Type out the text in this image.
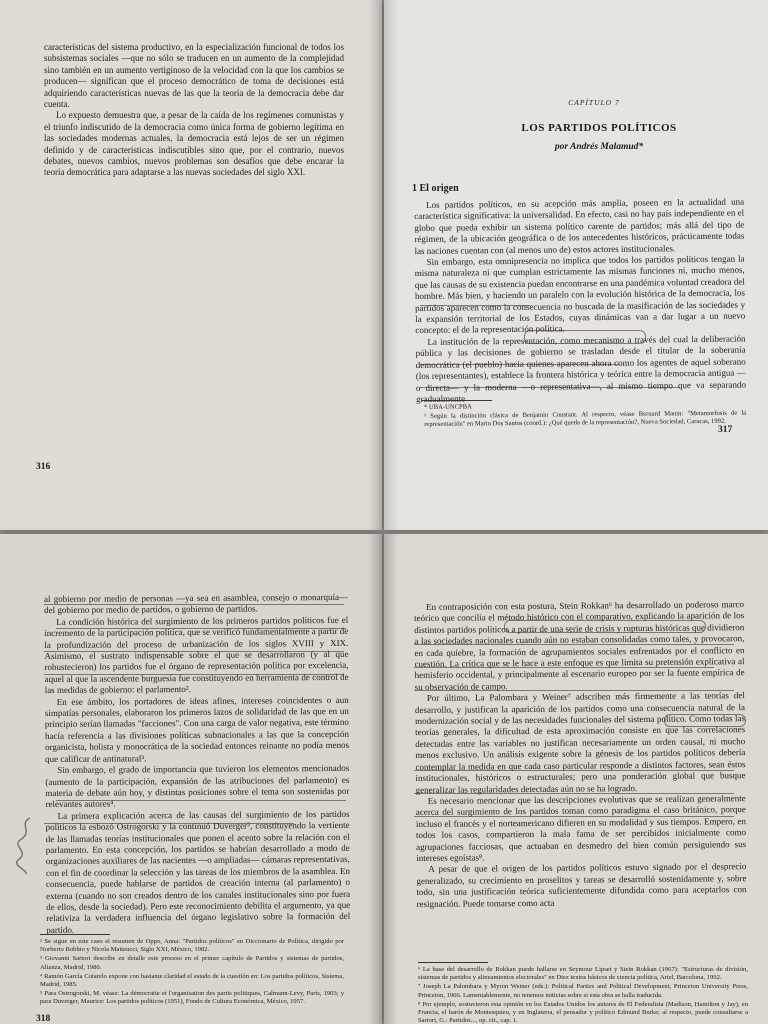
características del sistema productivo, en la especialización funcional de todos los subsistemas sociales —que no sólo se traducen en un aumento de la complejidad sino también en un aumento vertiginoso de la velocidad con la que los cambios se producen— significan que el proceso democrático de toma de decisiones está adquiriendo características nuevas de las que la teoría de la democracia debe dar cuenta.

Lo expuesto demuestra que, a pesar de la caída de los regímenes comunistas y el triunfo indiscutido de la democracia como única forma de gobierno legítima en las sociedades modernas actuales, la democracia está lejos de ser un régimen definido y de características indiscutibles sino que, por el contrario, nuevos debates, nuevos cambios, nuevos problemas son desafíos que debe encarar la teoría democrática para adaptarse a las nuevas sociedades del siglo XXI.

316
CAPÍTULO 7
LOS PARTIDOS POLÍTICOS
por Andrés Malamud*
1 El origen

Los partidos políticos, en su acepción más amplia, poseen en la actualidad una característica significativa: la universalidad. En efecto, casi no hay país independiente en el globo que pueda exhibir un sistema político carente de partidos; más allá del tipo de régimen, de la ubicación geográfica o de los antecedentes históricos, prácticamente todas las naciones cuentan con (al menos uno de) estos actores institucionales.

Sin embargo, esta omnipresencia no implica que todos los partidos políticos tengan la misma naturaleza ni que cumplan estrictamente las mismas funciones ni, mucho menos, que las causas de su existencia puedan encontrarse en una pandémica voluntad creadora del hombre. Más bien, y haciendo un paralelo con la evolución histórica de la democracia, los partidos aparecen como la consecuencia no buscada de la masificación de las sociedades y la expansión territorial de los Estados, cuyas dinámicas van a dar lugar a un nuevo concepto: el de la representación política.

La institución de la representación, como mecanismo a través del cual la deliberación pública y las decisiones de gobierno se trasladan desde el titular de la soberanía democrática (el pueblo) hacia quienes aparecen ahora como los agentes de aquel soberano (los representantes), establece la frontera histórica y teórica entre la democracia antigua —o directa— y la moderna —o representativa—, al mismo tiempo que va separando gradualmente

* UBA-UNCPBA

¹ Según la distinción clásica de Benjamin Constant. Al respecto, véase Bernard Manin: "Metamorfosis de la representación" en Mario Dos Santos (coord.): ¿Qué queda de la representación?, Nueva Sociedad, Caracas, 1992.

317

al gobierno por medio de personas —ya sea en asamblea, consejo o monarquía— del gobierno por medio de partidos, o gobierno de partidos.

La condición histórica del surgimiento de los primeros partidos políticos fue el incremento de la participación política, que se verificó fundamentalmente a partir de la profundización del proceso de urbanización de los siglos XVIII y XIX. Asimismo, el sustrato indispensable sobre el que se desarrollaron (y al que robustecieron) los partidos fue el órgano de representación política por excelencia, aquel al que la ascendente burguesía fue constituyendo en herramienta de control de las medidas de gobierno: el parlamento².

En ese ámbito, los portadores de ideas afines, intereses coincidentes o aun simpatías personales, elaboraron los primeros lazos de solidaridad de las que en un principio serían llamadas "facciones". Con una carga de valor negativa, este término hacía referencia a las divisiones políticas subnacionales a las que la concepción organicista, holista y monocrática de la sociedad entonces reinante no podía menos que calificar de antinatural³.

Sin embargo, el grado de importancia que tuvieron los elementos mencionados (aumento de la participación, expansión de las atribuciones del parlamento) es materia de debate aún hoy, y distintas posiciones sobre el tema son sostenidas por relevantes autores⁴.

La primera explicación acerca de las causas del surgimiento de los partidos políticos la esbozó Ostrogorski y la continuó Duverger⁵, constituyendo la vertiente de las llamadas teorías institucionales que ponen el acento sobre la relación con el parlamento. En esta concepción, los partidos se habrían desarrollado a modo de organizaciones auxiliares de las nacientes —o ampliadas— cámaras representativas, con el fin de coordinar la selección y las tareas de los miembros de la asamblea. En consecuencia, puede hablarse de partidos de creación interna (al parlamento) o externa (cuando no son creados dentro de los canales institucionales sino por fuera de ellos, desde la sociedad). Pero este reconocimiento debilita el argumento, ya que relativiza la verdadera influencia del órgano legislativo sobre la formación del partido.

² Se sigue en este caso el resumen de Oppo, Anna: "Partidos políticos" en Diccionario de Política, dirigido por Norberto Bobbio y Nicola Matteucci, Siglo XXI, México, 1982.

³ Giovanni Sartori describe en detalle este proceso en el primer capítulo de Partidos y sistemas de partidos, Alianza, Madrid, 1980.

⁴ Ramón García Cotarelo expone con bastante claridad el estado de la cuestión en: Los partidos políticos, Sistema, Madrid, 1985.

⁵ Para Ostrogorski, M. véase: La démocratie et l'organisation des partis politiques, Calmann-Levy, París, 1903; y para Duverger, Maurice: Los partidos políticos (1951), Fondo de Cultura Económica, México, 1957.

318

En contraposición con esta postura, Stein Rokkan⁶ ha desarrollado un poderoso marco teórico que concilia el método histórico con el comparativo, explicando la aparición de los distintos partidos políticos a partir de una serie de crisis y rupturas históricas que dividieron a las sociedades nacionales cuando aún no estaban consolidadas como tales, y provocaron, en cada quiebre, la formación de agrupamientos sociales enfrentados por el conflicto en cuestión. La crítica que se le hace a este enfoque es que limita su pretensión explicativa al hemisferio occidental, y principalmente al escenario europeo por ser la fuente empírica de su observación de campo.

Por último, La Palombara y Weiner⁷ adscriben más firmemente a las teorías del desarrollo, y justifican la aparición de los partidos como una consecuencia natural de la modernización social y de las necesidades funcionales del sistema político. Como todas las teorías generales, la dificultad de esta aproximación consiste en que las correlaciones detectadas entre las variables no justifican necesariamente un orden causal, ni mucho menos exclusivo. Un análisis exigente sobre la génesis de los partidos políticos debería contemplar la medida en que cada caso particular responde a distintos factores, sean éstos institucionales, históricos o estructurales; pero una ponderación global que busque generalizar las regularidades detectadas aún no se ha logrado.

Es necesario mencionar que las descripciones evolutivas que se realizan generalmente acerca del surgimiento de los partidos toman como paradigma el caso británico, porque incluso el francés y el norteamericano difieren en su modalidad y sus tiempos. Empero, en todos los casos, compartieron la mala fama de ser percibidos inicialmente como agrupaciones facciosas, que actuaban en desmedro del bien común persiguiendo sus intereses egoístas⁸.

A pesar de que el origen de los partidos políticos estuvo signado por el desprecio generalizado, su crecimiento en proselitos y tareas se desarrolló sostenidamente y, sobre todo, sin una justificación teórica suficientemente difundida como para aceptarlos con resignación. Puede tomarse como acta

⁶ La base del desarrollo de Rokkan puede hallarse en Seymour Lipset y Stein Rokkan (1967): "Estructuras de división, sistemas de partidos y alineamientos electorales" en Diez textos básicos de ciencia política, Ariel, Barcelona, 1992.

⁷ Joseph La Palombara y Myron Weiner (eds.): Political Parties and Political Development, Princeton University Press, Princeton, 1966. Lamentablemente, no tenemos noticias sobre si esta obra se halla traducida.

⁸ Por ejemplo, sostuvieron esta opinión en los Estados Unidos los autores de El Federalista (Madison, Hamilton y Jay), en Francia, el barón de Montesquieu, y en Inglaterra, el pensador y político Edmund Burke; al respecto, puede consultarse a Sartori, G.: Partidos..., op. cit., cap. 1.
